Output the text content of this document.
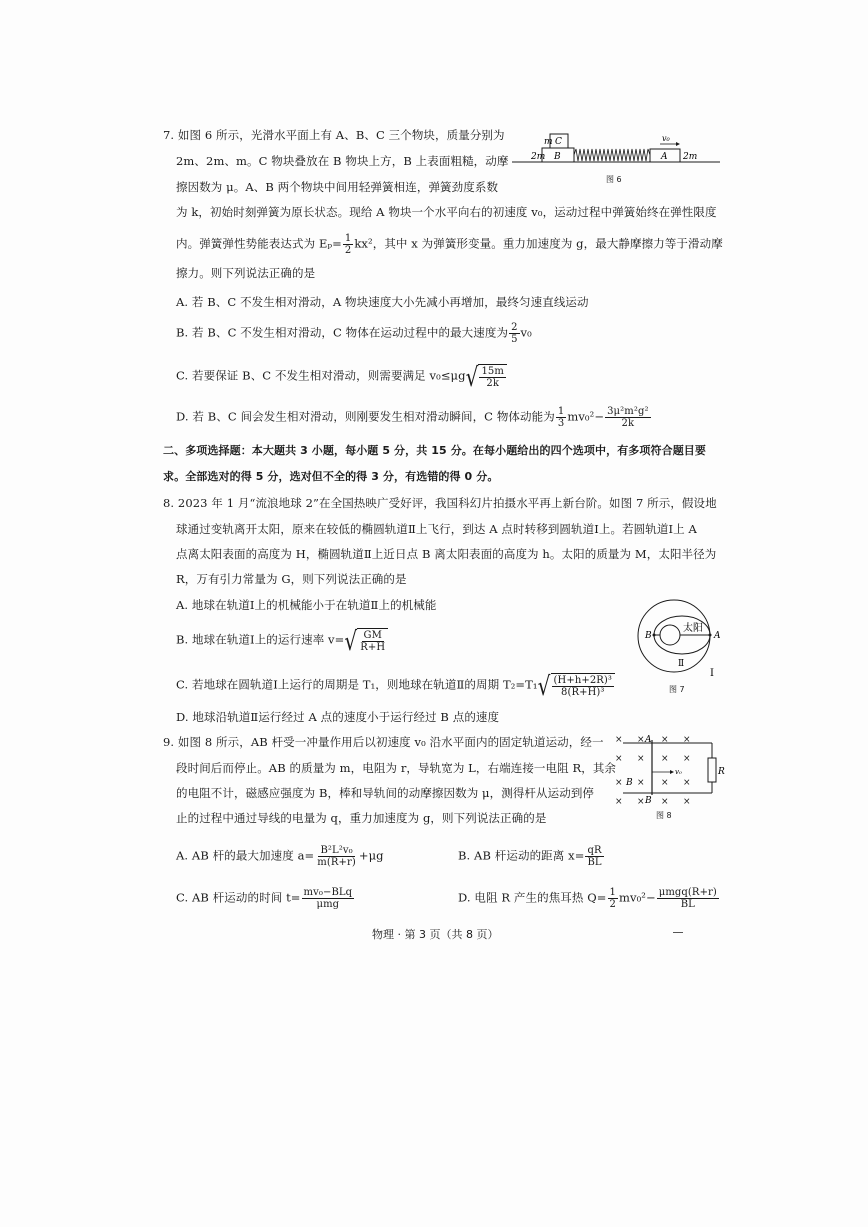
7. 如图 6 所示，光滑水平面上有 A、B、C 三个物块，质量分别为
2m、2m、m。C 物块叠放在 B 物块上方，B 上表面粗糙，动摩
擦因数为 μ。A、B 两个物块中间用轻弹簧相连，弹簧劲度系数
为 k，初始时刻弹簧为原长状态。现给 A 物块一个水平向右的初速度 v₀，运动过程中弹簧始终在弹性限度
内。弹簧弹性势能表达式为 $E_p= \frac{1}{2} kx^2$，其中 x 为弹簧形变量。重力加速度为 g，最大静摩擦力等于滑动摩
擦力。则下列说法正确的是
m C
2m B	A 2m
v₀
图 6
A. 若 B、C 不发生相对滑动，A 物块速度大小先减小再增加，最终匀速直线运动
B. 若 B、C 不发生相对滑动，C 物体在运动过程中的最大速度为 $\frac{2}{5} v_0$
C. 若要保证 B、C 不发生相对滑动，则需要满足 v₀≤μg √ $\frac{15m}{2k}$
D. 若 B、C 间会发生相对滑动，则刚要发生相对滑动瞬间，C 物体动能为 $\frac{1}{3} mv_0^2- \frac{\text{3μ²m²g²}}{2k}$
二、多项选择题：本大题共 3 小题，每小题 5 分，共 15 分。在每小题给出的四个选项中，有多项符合题目要
求。全部选对的得 5 分，选对但不全的得 3 分，有选错的得 0 分。
8. 2023 年 1 月“流浪地球 2”在全国热映广受好评，我国科幻片拍摄水平再上新台阶。如图 7 所示，假设地
球通过变轨离开太阳，原来在较低的椭圆轨道Ⅱ上飞行，到达 A 点时转移到圆轨道Ⅰ上。若圆轨道Ⅰ上 A
点离太阳表面的高度为 H，椭圆轨道Ⅱ上近日点 B 离太阳表面的高度为 h。太阳的质量为 M，太阳半径为
R，万有引力常量为 G，则下列说法正确的是
A. 地球在轨道Ⅰ上的机械能小于在轨道Ⅱ上的机械能
B. 地球在轨道Ⅰ上的运行速率 v= √ $\frac{GM}{R+H}$
C. 若地球在圆轨道Ⅰ上运行的周期是 T₁，则地球在轨道Ⅱ的周期 T₂=T₁ √ $\frac{\text{(H+h+2R)³}}{\text{8(R+H)³}}$
D. 地球沿轨道Ⅱ运行经过 A 点的速度小于运行经过 B 点的速度
太阳
B	A
Ⅱ
Ⅰ
图 7
9. 如图 8 所示，AB 杆受一冲量作用后以初速度 v₀ 沿水平面内的固定轨道运动，经一
段时间后而停止。AB 的质量为 m，电阻为 r，导轨宽为 L，右端连接一电阻 R，其余
的电阻不计，磁感应强度为 B，棒和导轨间的动摩擦因数为 μ，测得杆从运动到停
止的过程中通过导线的电量为 q，重力加速度为 g，则下列说法正确的是
× × × ×
× × × ×
× × × ×
× × × ×
A
B
B
R
v₀
图 8
A. AB 杆的最大加速度 $a= \frac{\text{B²L²v₀}}{m(R+r)} +\mu g$	B. AB 杆运动的距离 $x= \frac{qR}{BL}$
C. AB 杆运动的时间 $t= \frac{\text{mv₀−BLq}}{\text{μmg}}$	D. 电阻 R 产生的焦耳热 $Q= \frac{1}{2} mv_0^2- \frac{\text{μmgq(R+r)}}{BL}$
物理 · 第 3 页（共 8 页）
